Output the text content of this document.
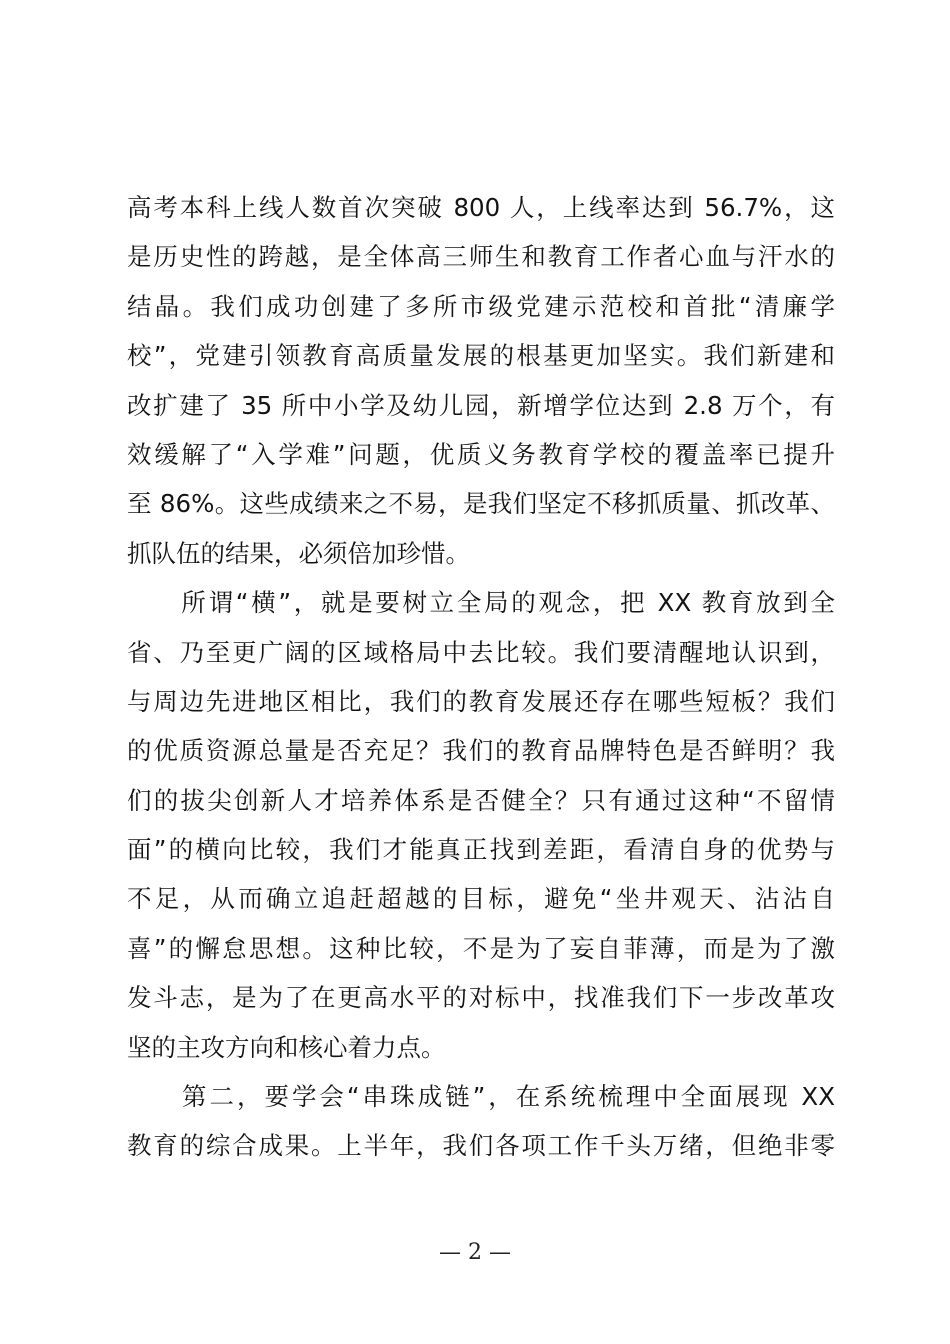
高考本科上线人数首次突破 800 人，上线率达到 56.7%，这
是历史性的跨越，是全体高三师生和教育工作者心血与汗水的
结晶。我们成功创建了多所市级党建示范校和首批“清廉学
校”，党建引领教育高质量发展的根基更加坚实。我们新建和
改扩建了 35 所中小学及幼儿园，新增学位达到 2.8 万个，有
效缓解了“入学难”问题，优质义务教育学校的覆盖率已提升
至 86%。这些成绩来之不易，是我们坚定不移抓质量、抓改革、
抓队伍的结果，必须倍加珍惜。
　　所谓“横”，就是要树立全局的观念，把 XX 教育放到全
省、乃至更广阔的区域格局中去比较。我们要清醒地认识到，
与周边先进地区相比，我们的教育发展还存在哪些短板？我们
的优质资源总量是否充足？我们的教育品牌特色是否鲜明？我
们的拔尖创新人才培养体系是否健全？只有通过这种“不留情
面”的横向比较，我们才能真正找到差距，看清自身的优势与
不足，从而确立追赶超越的目标，避免“坐井观天、沾沾自
喜”的懈怠思想。这种比较，不是为了妄自菲薄，而是为了激
发斗志，是为了在更高水平的对标中，找准我们下一步改革攻
坚的主攻方向和核心着力点。
　　第二，要学会“串珠成链”，在系统梳理中全面展现 XX
教育的综合成果。上半年，我们各项工作千头万绪，但绝非零
— 2 —
